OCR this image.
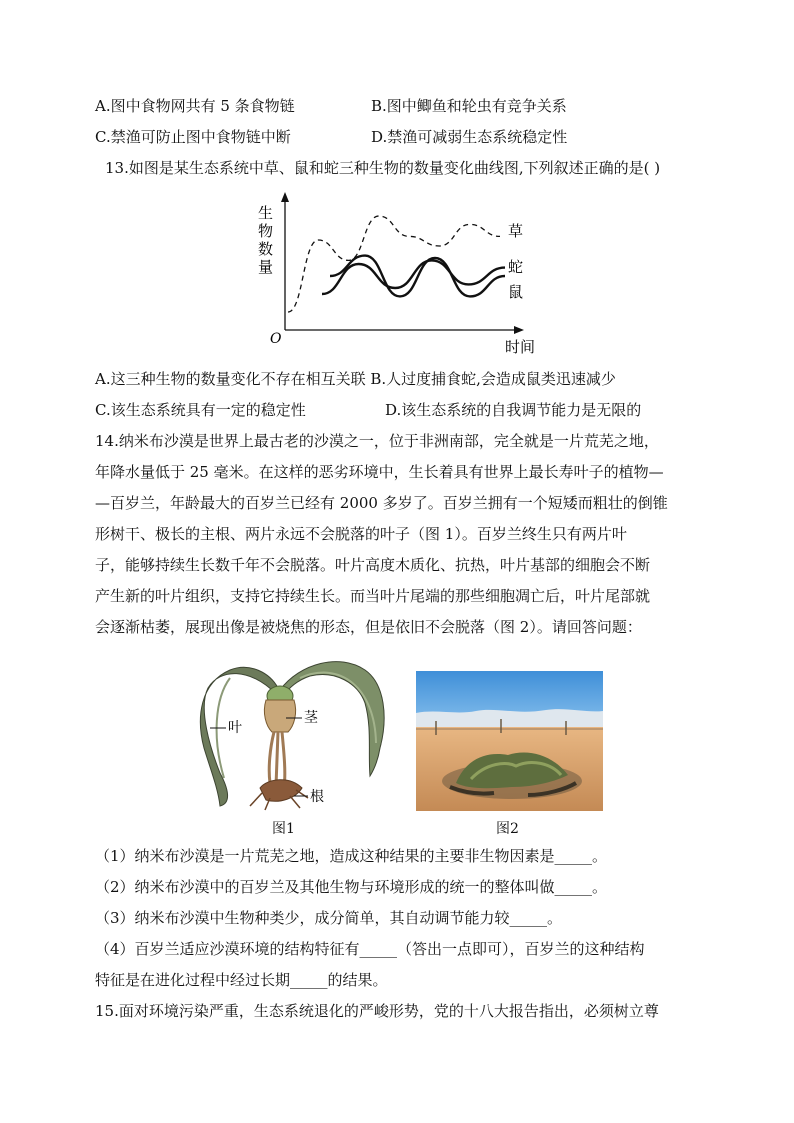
A.图中食物网共有 5 条食物链	B.图中鲫鱼和轮虫有竞争关系
C.禁渔可防止图中食物链中断	D.禁渔可减弱生态系统稳定性
13.如图是某生态系统中草、鼠和蛇三种生物的数量变化曲线图,下列叙述正确的是( )
生
物
数
量
O	时间
草
蛇
鼠
A.这三种生物的数量变化不存在相互关联 B.人过度捕食蛇,会造成鼠类迅速减少
C.该生态系统具有一定的稳定性	D.该生态系统的自我调节能力是无限的
14.纳米布沙漠是世界上最古老的沙漠之一，位于非洲南部，完全就是一片荒芜之地，
年降水量低于 25 毫米。在这样的恶劣环境中，生长着具有世界上最长寿叶子的植物—
—百岁兰，年龄最大的百岁兰已经有 2000 多岁了。百岁兰拥有一个短矮而粗壮的倒锥
形树干、极长的主根、两片永远不会脱落的叶子（图 1）。百岁兰终生只有两片叶
子，能够持续生长数千年不会脱落。叶片高度木质化、抗热，叶片基部的细胞会不断
产生新的叶片组织，支持它持续生长。而当叶片尾端的那些细胞凋亡后，叶片尾部就
会逐渐枯萎，展现出像是被烧焦的形态，但是依旧不会脱落（图 2）。请回答问题：
叶
茎
根
图1	图2
（1）纳米布沙漠是一片荒芜之地，造成这种结果的主要非生物因素是_____。
（2）纳米布沙漠中的百岁兰及其他生物与环境形成的统一的整体叫做_____。
（3）纳米布沙漠中生物种类少，成分简单，其自动调节能力较_____。
（4）百岁兰适应沙漠环境的结构特征有_____（答出一点即可），百岁兰的这种结构
特征是在进化过程中经过长期_____的结果。
15.面对环境污染严重，生态系统退化的严峻形势，党的十八大报告指出，必须树立尊
